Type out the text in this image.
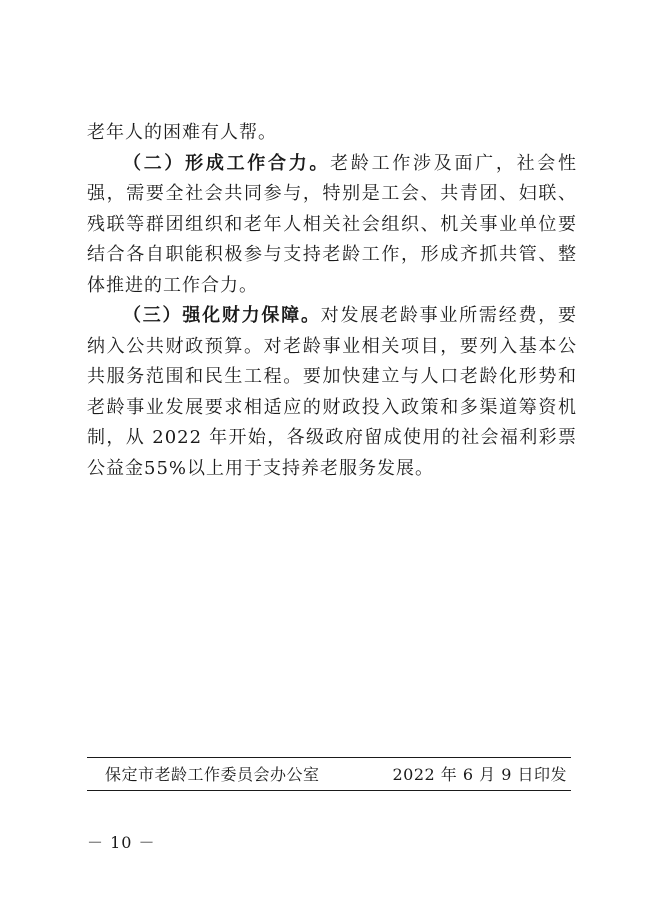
老年人的困难有人帮。

（二）形成工作合力。老龄工作涉及面广，社会性强，需要全社会共同参与，特别是工会、共青团、妇联、残联等群团组织和老年人相关社会组织、机关事业单位要结合各自职能积极参与支持老龄工作，形成齐抓共管、整体推进的工作合力。

（三）强化财力保障。对发展老龄事业所需经费，要纳入公共财政预算。对老龄事业相关项目，要列入基本公共服务范围和民生工程。要加快建立与人口老龄化形势和老龄事业发展要求相适应的财政投入政策和多渠道筹资机制，从 2022 年开始，各级政府留成使用的社会福利彩票公益金55%以上用于支持养老服务发展。

保定市老龄工作委员会办公室	2022 年 6 月 9 日印发
－ 10 －
